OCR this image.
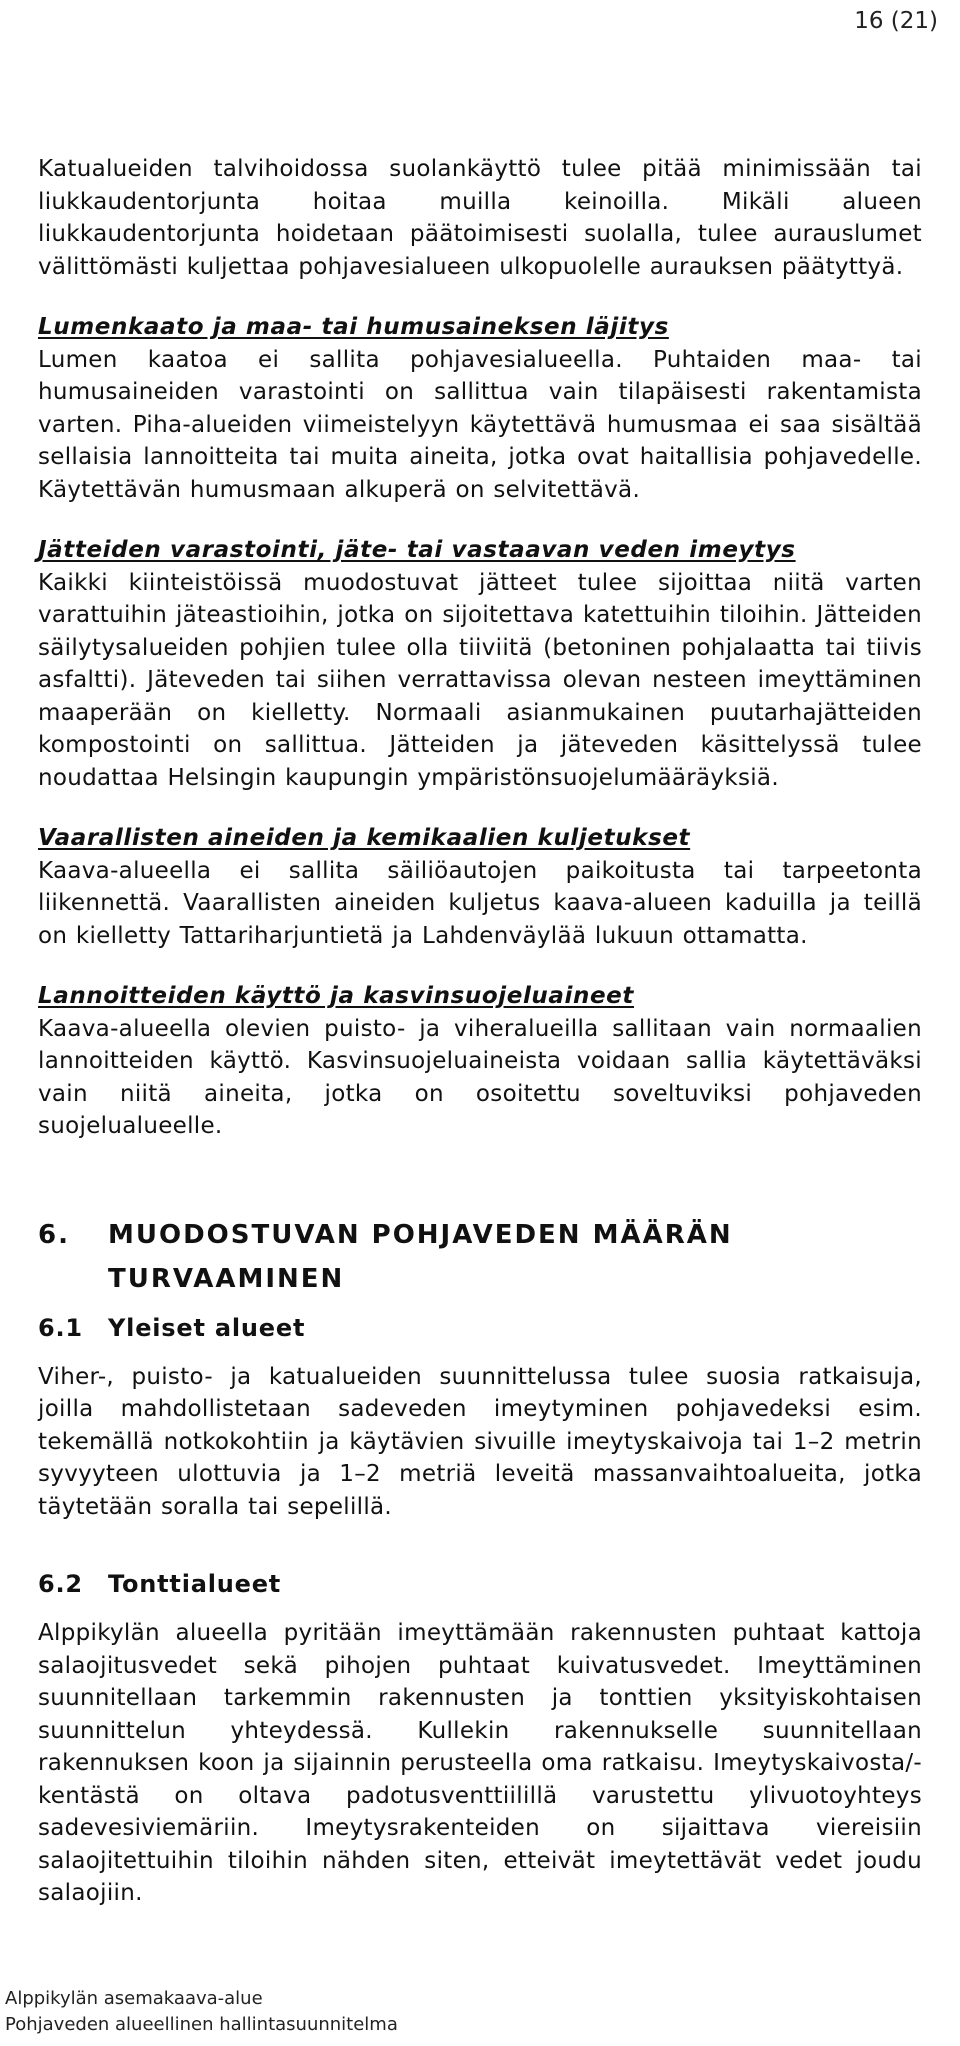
16 (21)

Katualueiden talvihoidossa suolankäyttö tulee pitää minimissään tai liukkaudentorjunta hoitaa muilla keinoilla. Mikäli alueen liukkaudentorjunta hoidetaan päätoimisesti suolalla, tulee aurauslumet välittömästi kuljettaa pohjavesialueen ulkopuolelle aurauksen päätyttyä.

Lumenkaato ja maa- tai humusaineksen läjitys

Lumen kaatoa ei sallita pohjavesialueella. Puhtaiden maa- tai humusaineiden varastointi on sallittua vain tilapäisesti rakentamista varten. Piha-alueiden viimeistelyyn käytettävä humusmaa ei saa sisältää sellaisia lannoitteita tai muita aineita, jotka ovat haitallisia pohjavedelle. Käytettävän humusmaan alkuperä on selvitettävä.

Jätteiden varastointi, jäte- tai vastaavan veden imeytys

Kaikki kiinteistöissä muodostuvat jätteet tulee sijoittaa niitä varten varattuihin jäteastioihin, jotka on sijoitettava katettuihin tiloihin. Jätteiden säilytysalueiden pohjien tulee olla tiiviitä (betoninen pohjalaatta tai tiivis asfaltti). Jäteveden tai siihen verrattavissa olevan nesteen imeyttäminen maaperään on kielletty. Normaali asianmukainen puutarhajätteiden kompostointi on sallittua. Jätteiden ja jäteveden käsittelyssä tulee noudattaa Helsingin kaupungin ympäristönsuojelumääräyksiä.

Vaarallisten aineiden ja kemikaalien kuljetukset

Kaava-alueella ei sallita säiliöautojen paikoitusta tai tarpeetonta liikennettä. Vaarallisten aineiden kuljetus kaava-alueen kaduilla ja teillä on kielletty Tattariharjuntietä ja Lahdenväylää lukuun ottamatta.

Lannoitteiden käyttö ja kasvinsuojeluaineet

Kaava-alueella olevien puisto- ja viheralueilla sallitaan vain normaalien lannoitteiden käyttö. Kasvinsuojeluaineista voidaan sallia käytettäväksi vain niitä aineita, jotka on osoitettu soveltuviksi pohjaveden suojelualueelle.

6.	MUODOSTUVAN POHJAVEDEN MÄÄRÄN TURVAAMINEN
6.1	Yleiset alueet

Viher-, puisto- ja katualueiden suunnittelussa tulee suosia ratkaisuja, joilla mahdollistetaan sadeveden imeytyminen pohjavedeksi esim. tekemällä notkokohtiin ja käytävien sivuille imeytyskaivoja tai 1–2 metrin syvyyteen ulottuvia ja 1–2 metriä leveitä massanvaihtoalueita, jotka täytetään soralla tai sepelillä.

6.2	Tonttialueet

Alppikylän alueella pyritään imeyttämään rakennusten puhtaat kattoja salaojitusvedet sekä pihojen puhtaat kuivatusvedet. Imeyttäminen suunnitellaan tarkemmin rakennusten ja tonttien yksityiskohtaisen suunnittelun yhteydessä. Kullekin rakennukselle suunnitellaan rakennuksen koon ja sijainnin perusteella oma ratkaisu. Imeytyskaivosta/-kentästä on oltava padotusventtiilillä varustettu ylivuotoyhteys sadevesiviemäriin. Imeytysrakenteiden on sijaittava viereisiin salaojitettuihin tiloihin nähden siten, etteivät imeytettävät vedet joudu salaojiin.

Alppikylän asemakaava-alue
Pohjaveden alueellinen hallintasuunnitelma
